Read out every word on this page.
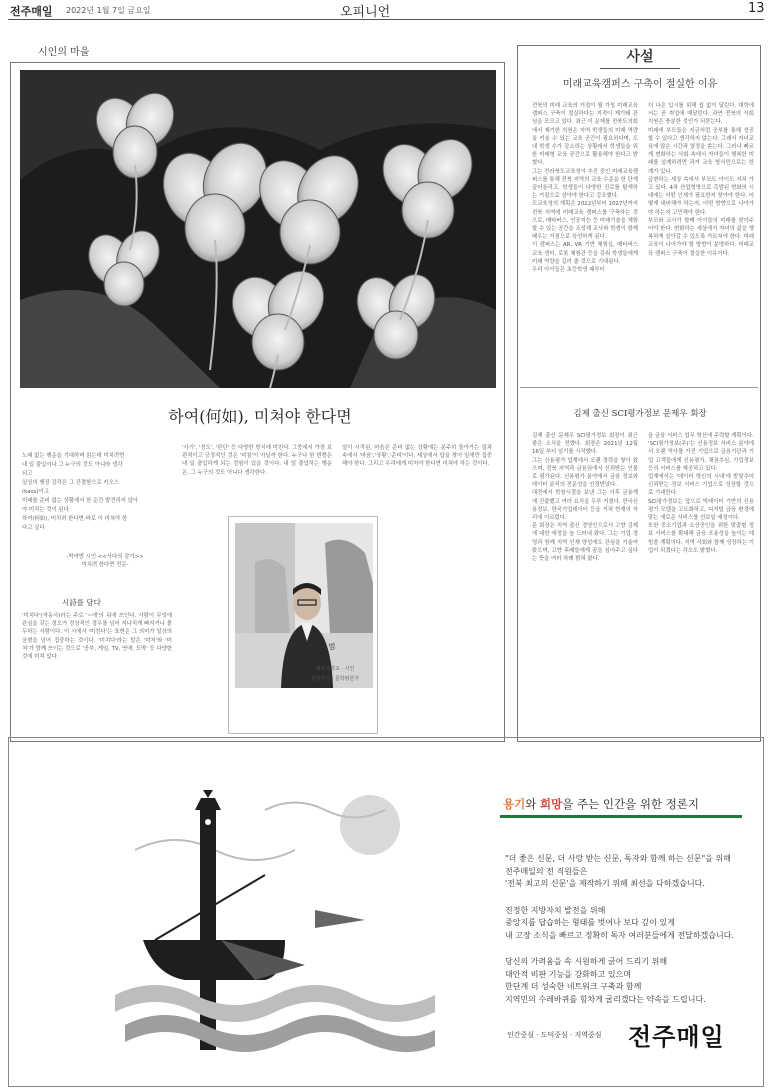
전주매일 2022년 1월 7일 금요일	오피니언	13
시인의 마을
하여(何如), 미쳐야 한다면
노래 없는 행운을 기대하며 읽는데 미치려면
내 일 출입이나 그 누구의 것도 아니라 생각
되고
일상의 행장 감각은 그 간결함으로 카오스
(kaos)이고
미래를 준비 없는 상황에서 한 순간 발견하지 않아
야 미치는 것이 된다
하여(何如), 미치려 한다면 바로 이 미쳐야 한
다고 싶다
-박여범 시인 <<사다의 잠기>>
미치려 한다면 전문-
시詩를 담다
'미치다'(자동사)라는 주로 '~에'의 뒤에 쓰인다. 사람이 무엇에 관심을 갖는 정도가 정상적인 경우를 넘어 지나치게 빠지거나 몰두하는 사람이다. 이 시에서 '미친다'는 표현은 그 의미가 일상의 균형을 넘어 집중하는 것이다. '미치다'라는 말은 '미처'와 '미쳐'가 함께 쓰이는 것으로 '공부, 게임, TV, 연애, 도박' 등 다양한 것에 미쳐 있다.
'사기', '정도', '판단' 등 다양한 방식에 미친다. 그중에서 가장 보편적이고 긍정적인 것은 '미침'이 아닐까 한다. 누구나 한 번쯤은 내 일 출입하게 되는 경험이 있을 것이다. 내 일 출입하는 행운은, 그 누구의 것도 아니다 생각한다.
일이 시작된, 마음은 준비 없는 상황에는 분주히 돌아가는 일과 속에서 '마음','상황','준비'이다. 세상에서 답을 찾아 일에만 집중해야 한다. 그리고 우리에게 미처야 한다면 미쳐야 하는 것이다.
박 여 범
월북중학교 · 시인
문학박사 · 문학평론가
사설
미래교육캠퍼스 구축이 절실한 이유
전북의 미래 교육의 거점이 될 가칭 미래교육 캠퍼스 구축이 절실하다는 지적이 제기돼 관심을 모으고 있다. 최근 이 문제를 전북도의회에서 제기한 의원은 지역 학생들의 미래 역량을 키울 수 있는 교육 공간이 필요하다며, 도내 학생 수가 감소하는 상황에서 학생들을 위한 미래형 교육 공간으로 활용해야 한다고 밝혔다.
그는 전라북도교육청이 추진 중인 미래교육캠퍼스를 통해 전북 지역의 교육 수준을 한 단계 끌어올리고, 학생들이 다양한 진로를 탐색하는 거점으로 삼아야 한다고 강조했다.
도교육청의 계획은 2022년부터 2027년까지 전북 지역에 미래교육 캠퍼스를 구축하는 것으로, 메타버스, 인공지능 등 미래기술을 체험할 수 있는 공간을 조성해 교사와 학생이 함께 배우는 거점으로 육성하게 된다.
이 캠퍼스는 AR, VR 기반 체험실, 메타버스 교육 센터, 로봇 체험관 등을 갖춰 학생들에게 미래 역량을 길러 줄 것으로 기대된다.
우리 아이들은 초등학생 때부터
더 나은 입시를 위해 쉼 없이 달린다. 대학에서는 곧 취업에 매달린다. 과연 전북의 사회 지원은 충분한 것인가 되묻는다.
미래에 부모들은 지금처럼 공부를 통해 성공할 수 있다고 생각하지 않는다. 그래서 자녀교육에 많은 시간과 열정을 쏟는다. 그러나 빠르게 변화하는 사회 속에서 자녀들이 행복한 미래를 설계하려면 과거 교육 방식만으로는 한계가 있다.
급변하는 세상 속에서 부모도 아이도 지쳐 가고 있다. 4차 산업혁명으로 촉발된 변화의 시대에는 어떤 인재가 필요한지 찾아야 한다. 어떻게 대비해야 하는지, 어떤 방향으로 나아가야 하는지 고민해야 한다.
부모와 교사가 함께 아이들의 미래를 찾아주어야 한다. 변화하는 세상에서 자녀의 삶을 행복하게 살아갈 수 있도록 가르쳐야 한다. 미래교육이 나아가야 할 방향이 분명하다. 미래교육 캠퍼스 구축이 절실한 이유이다.
김제 출신 SCI평가정보 문제우 회장
김제 출신 문제우 SCI평가정보 회장이 최근 좋은 소식을 전했다. 회장은 2021년 12월 16일 부터 임기를 시작했다.
그는 신용평가 업계에서 오랜 경력을 쌓아 왔으며, 전북 지역과 금융권에서 신뢰받는 인물로 평가된다. 신용평가 분야에서 금융 정보와 데이터 분석의 전문성을 인정받았다.
대전에서 학창시절을 보낸 그는 이후 금융계에 진출했고 여러 요직을 두루 거쳤다. 한국신용정보, 한국기업데이터 등을 거쳐 현재의 자리에 이르렀다.
문 회장은 지역 출신 경영인으로서 고향 김제에 대한 애정을 늘 드러내 왔다. 그는 기업 경영과 함께 지역 인재 양성에도 관심을 기울여 왔으며, 고향 후배들에게 꿈을 심어주고 싶다는 뜻을 여러 차례 밝혀 왔다.
을 금융 서비스 업무 혁신에 주력할 계획이다.
'SCI평가정보(주)'는 신용정보 서비스 분야에서 오랜 역사를 가진 기업으로 금융기관과 기업 고객들에게 신용평가, 채권추심, 기업정보 등의 서비스를 제공하고 있다.
업계에서는 '데이터 혁신의 시대'에 발맞추어 신뢰받는 정보 서비스 기업으로 성장할 것으로 기대한다.
SCI평가정보는 앞으로 빅데이터 기반의 신용평가 모델을 고도화하고, 디지털 금융 환경에 맞는 새로운 서비스를 선보일 예정이다.
또한 중소기업과 소상공인을 위한 맞춤형 정보 서비스를 확대해 금융 포용성을 높이는 데 힘쓸 계획이다. 지역 사회와 함께 성장하는 기업이 되겠다는 각오도 밝혔다.
용기와 희망을 주는 인간을 위한 정론지
"더 좋은 신문, 더 사랑 받는 신문, 독자와 함께 하는 신문"을 위해
전주매일의 전 직원들은
'전북 최고의 신문'을 제작하기 위해 최선을 다하겠습니다.
진정한 지방자치 발전을 위해
중앙지를 답습하는 형태를 벗어나 보다 깊이 있게
내 고장 소식을 빠르고 정확히 독자 여러분들에게 전달하겠습니다.
당신의 가려움을 속 시원하게 긁어 드리기 위해
대안적 비판 기능을 강화하고 있으며
한단계 더 성숙한 네트워크 구축과 함께
지역민의 수레바퀴를 힘차게 굴리겠다는 약속을 드립니다.
인간중심 · 도덕중심 · 지역중심 전주매일
